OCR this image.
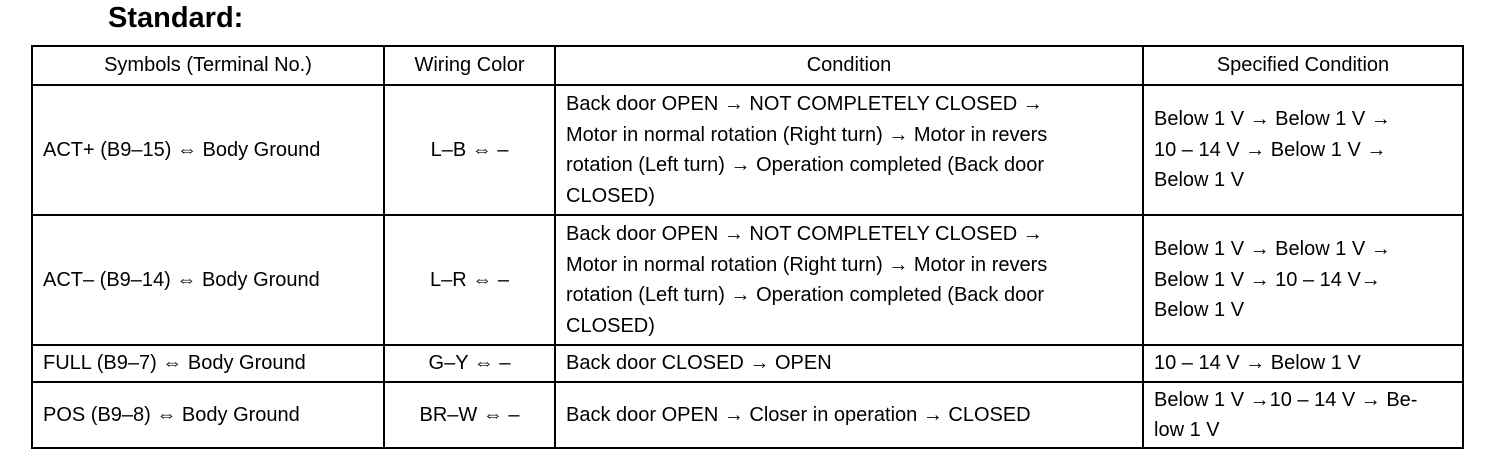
Standard:
Symbols (Terminal No.)	Wiring Color	Condition	Specified Condition
ACT+ (B9–15) ⇔ Body Ground	L–B ⇔ –	Back door OPEN → NOT COMPLETELY CLOSED →
Motor in normal rotation (Right turn) → Motor in revers
rotation (Left turn) → Operation completed (Back door
CLOSED)	Below 1 V → Below 1 V →
10 – 14 V → Below 1 V →
Below 1 V
ACT– (B9–14) ⇔ Body Ground	L–R ⇔ –	Back door OPEN → NOT COMPLETELY CLOSED →
Motor in normal rotation (Right turn) → Motor in revers
rotation (Left turn) → Operation completed (Back door
CLOSED)	Below 1 V → Below 1 V →
Below 1 V → 10 – 14 V→
Below 1 V
FULL (B9–7) ⇔ Body Ground	G–Y ⇔ –	Back door CLOSED → OPEN	10 – 14 V → Below 1 V
POS (B9–8) ⇔ Body Ground	BR–W ⇔ –	Back door OPEN → Closer in operation → CLOSED	Below 1 V →10 – 14 V → Be-
low 1 V
